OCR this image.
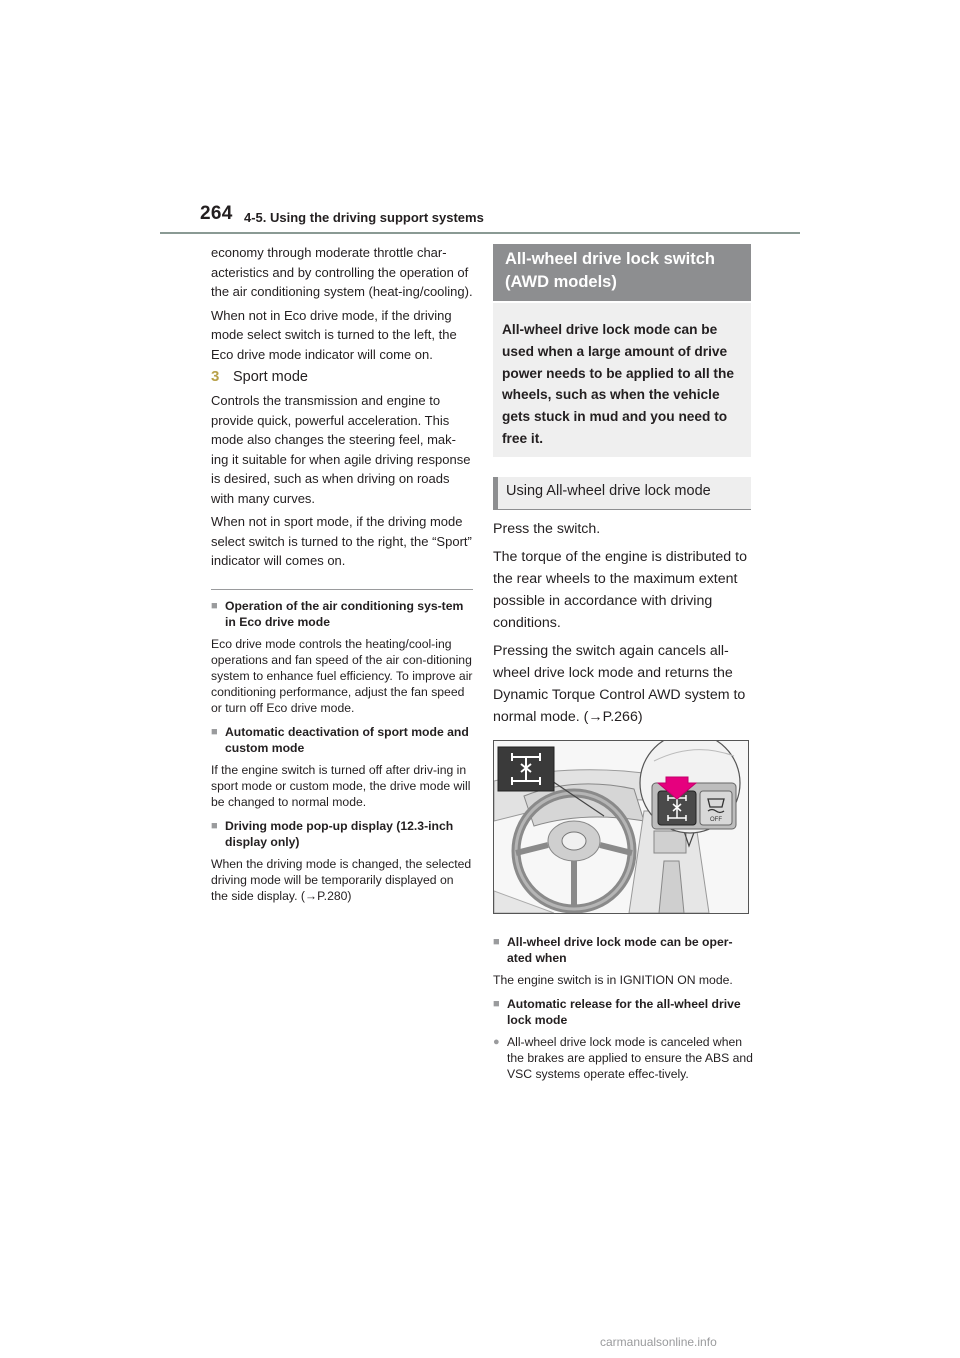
264 4-5. Using the driving support systems

economy through moderate throttle char-acteristics and by controlling the operation of the air conditioning system (heat-ing/cooling).

When not in Eco drive mode, if the driving mode select switch is turned to the left, the Eco drive mode indicator will come on.

3 Sport mode

Controls the transmission and engine to provide quick, powerful acceleration. This mode also changes the steering feel, mak-ing it suitable for when agile driving response is desired, such as when driving on roads with many curves.

When not in sport mode, if the driving mode select switch is turned to the right, the “Sport” indicator will comes on.

■ Operation of the air conditioning sys-tem in Eco drive mode

Eco drive mode controls the heating/cool-ing operations and fan speed of the air con-ditioning system to enhance fuel efficiency. To improve air conditioning performance, adjust the fan speed or turn off Eco drive mode.

■ Automatic deactivation of sport mode and custom mode

If the engine switch is turned off after driv-ing in sport mode or custom mode, the drive mode will be changed to normal mode.

■ Driving mode pop-up display (12.3-inch display only)

When the driving mode is changed, the selected driving mode will be temporarily displayed on the side display. (→P.280)

All-wheel drive lock switch (AWD models)
All-wheel drive lock mode can be used when a large amount of drive power needs to be applied to all the wheels, such as when the vehicle gets stuck in mud and you need to free it.
Using All-wheel drive lock mode

Press the switch.

The torque of the engine is distributed to the rear wheels to the maximum extent possible in accordance with driving conditions.

Pressing the switch again cancels all-wheel drive lock mode and returns the Dynamic Torque Control AWD system to normal mode. (→P.266)

OFF

■ All-wheel drive lock mode can be oper-ated when

The engine switch is in IGNITION ON mode.

■ Automatic release for the all-wheel drive lock mode

● All-wheel drive lock mode is canceled when the brakes are applied to ensure the ABS and VSC systems operate effec-tively.

carmanualsonline.info
